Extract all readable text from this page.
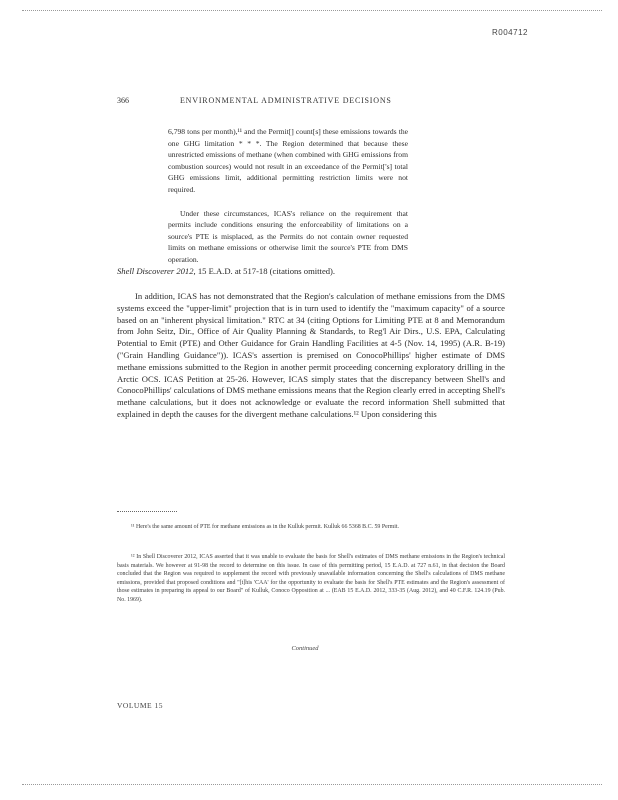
R004712
366	ENVIRONMENTAL ADMINISTRATIVE DECISIONS

6,798 tons per month),¹¹ and the Permit[] count[s] these emissions towards the one GHG limitation * * *. The Region determined that because these unrestricted emissions of methane (when combined with GHG emissions from combustion sources) would not result in an exceedance of the Permit['s] total GHG emissions limit, additional permitting restriction limits were not required.

Under these circumstances, ICAS's reliance on the requirement that permits include conditions ensuring the enforceability of limitations on a source's PTE is misplaced, as the Permits do not contain owner requested limits on methane emissions or otherwise limit the source's PTE from DMS operation.

Shell Discoverer 2012, 15 E.A.D. at 517-18 (citations omitted).

In addition, ICAS has not demonstrated that the Region's calculation of methane emissions from the DMS systems exceed the "upper-limit" projection that is in turn used to identify the "maximum capacity" of a source based on an "inherent physical limitation." RTC at 34 (citing Options for Limiting PTE at 8 and Memorandum from John Seitz, Dir., Office of Air Quality Planning & Standards, to Reg'l Air Dirs., U.S. EPA, Calculating Potential to Emit (PTE) and Other Guidance for Grain Handling Facilities at 4-5 (Nov. 14, 1995) (A.R. B-19) ("Grain Handling Guidance")). ICAS's assertion is premised on ConocoPhillips' higher estimate of DMS methane emissions submitted to the Region in another permit proceeding concerning exploratory drilling in the Arctic OCS. ICAS Petition at 25-26. However, ICAS simply states that the discrepancy between Shell's and ConocoPhillips' calculations of DMS methane emissions means that the Region clearly erred in accepting Shell's methane calculations, but it does not acknowledge or evaluate the record information Shell submitted that explained in depth the causes for the divergent methane calculations.¹² Upon considering this

¹¹ Here's the same amount of PTE for methane emissions as in the Kulluk permit. Kulluk 66 5368 B.C. 59 Permit.

¹² In Shell Discoverer 2012, ICAS asserted that it was unable to evaluate the basis for Shell's estimates of DMS methane emissions in the Region's technical basis materials. We however at 91-98 the record to determine on this issue. In case of this permitting period, 15 E.A.D. at 727 n.61, in that decision the Board concluded that the Region was required to supplement the record with previously unavailable information concerning the Shell's calculations of DMS methane emissions, provided that proposed conditions and "[t]his 'CAA' for the opportunity to evaluate the basis for Shell's PTE estimates and the Region's assessment of those estimates in preparing its appeal to our Board" of Kulluk, Conoco Opposition at ... (EAB 15 E.A.D. 2012, 333-35 (Aug. 2012), and 40 C.F.R. 124.19 (Pub. No. 1969).

Continued
VOLUME 15
